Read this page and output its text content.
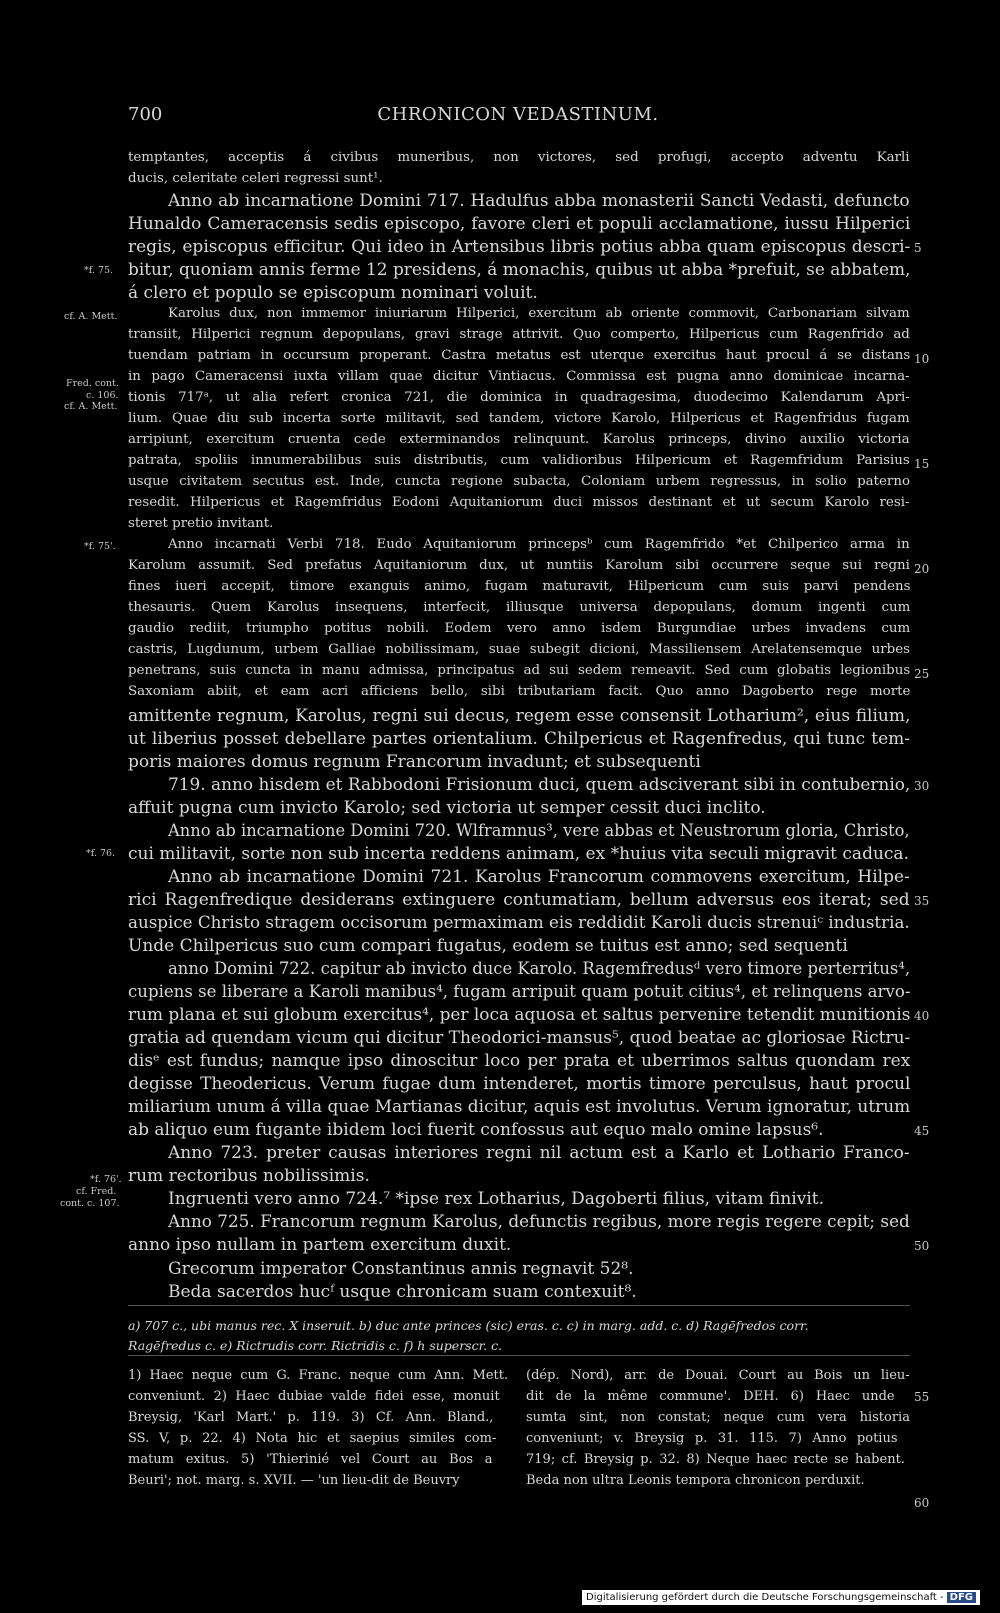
700	CHRONICON VEDASTINUM.
temptantes, acceptis á civibus muneribus, non victores, sed profugi, accepto adventu Karli
ducis, celeritate celeri regressi sunt¹.
Anno ab incarnatione Domini 717. Hadulfus abba monasterii Sancti Vedasti, defuncto
Hunaldo Cameracensis sedis episcopo, favore cleri et populi acclamatione, iussu Hilperici
regis, episcopus efficitur. Qui ideo in Artensibus libris potius abba quam episcopus descri-
bitur, quoniam annis ferme 12 presidens, á monachis, quibus ut abba *prefuit, se abbatem,
á clero et populo se episcopum nominari voluit.
Karolus dux, non immemor iniuriarum Hilperici, exercitum ab oriente commovit, Carbonariam silvam
transiit, Hilperici regnum depopulans, gravi strage attrivit. Quo comperto, Hilpericus cum Ragenfrido ad
tuendam patriam in occursum properant. Castra metatus est uterque exercitus haut procul á se distans
in pago Cameracensi iuxta villam quae dicitur Vintiacus. Commissa est pugna anno dominicae incarna-
tionis 717ᵃ, ut alia refert cronica 721, die dominica in quadragesima, duodecimo Kalendarum Apri-
lium. Quae diu sub incerta sorte militavit, sed tandem, victore Karolo, Hilpericus et Ragenfridus fugam
arripiunt, exercitum cruenta cede exterminandos relinquunt. Karolus princeps, divino auxilio victoria
patrata, spoliis innumerabilibus suis distributis, cum validioribus Hilpericum et Ragemfridum Parisius
usque civitatem secutus est. Inde, cuncta regione subacta, Coloniam urbem regressus, in solio paterno
resedit. Hilpericus et Ragemfridus Eodoni Aquitaniorum duci missos destinant et ut secum Karolo resi-
steret pretio invitant.
Anno incarnati Verbi 718. Eudo Aquitaniorum princepsᵇ cum Ragemfrido *et Chilperico arma in
Karolum assumit. Sed prefatus Aquitaniorum dux, ut nuntiis Karolum sibi occurrere seque sui regni
fines iueri accepit, timore exanguis animo, fugam maturavit, Hilpericum cum suis parvi pendens
thesauris. Quem Karolus insequens, interfecit, illiusque universa depopulans, domum ingenti cum
gaudio rediit, triumpho potitus nobili. Eodem vero anno isdem Burgundiae urbes invadens cum
castris, Lugdunum, urbem Galliae nobilissimam, suae subegit dicioni, Massiliensem Arelatensemque urbes
penetrans, suis cuncta in manu admissa, principatus ad sui sedem remeavit. Sed cum globatis legionibus
Saxoniam abiit, et eam acri afficiens bello, sibi tributariam facit. Quo anno Dagoberto rege morte
amittente regnum, Karolus, regni sui decus, regem esse consensit Lotharium², eius filium,
ut liberius posset debellare partes orientalium. Chilpericus et Ragenfredus, qui tunc tem-
poris maiores domus regnum Francorum invadunt; et subsequenti
719. anno hisdem et Rabbodoni Frisionum duci, quem adsciverant sibi in contubernio,
affuit pugna cum invicto Karolo; sed victoria ut semper cessit duci inclito.
Anno ab incarnatione Domini 720. Wlframnus³, vere abbas et Neustrorum gloria, Christo,
cui militavit, sorte non sub incerta reddens animam, ex *huius vita seculi migravit caduca.
Anno ab incarnatione Domini 721. Karolus Francorum commovens exercitum, Hilpe-
rici Ragenfredique desiderans extinguere contumatiam, bellum adversus eos iterat; sed
auspice Christo stragem occisorum permaximam eis reddidit Karoli ducis strenuiᶜ industria.
Unde Chilpericus suo cum compari fugatus, eodem se tuitus est anno; sed sequenti
anno Domini 722. capitur ab invicto duce Karolo. Ragemfredusᵈ vero timore perterritus⁴,
cupiens se liberare a Karoli manibus⁴, fugam arripuit quam potuit citius⁴, et relinquens arvo-
rum plana et sui globum exercitus⁴, per loca aquosa et saltus pervenire tetendit munitionis
gratia ad quendam vicum qui dicitur Theodorici-mansus⁵, quod beatae ac gloriosae Rictru-
disᵉ est fundus; namque ipso dinoscitur loco per prata et uberrimos saltus quondam rex
degisse Theodericus. Verum fugae dum intenderet, mortis timore perculsus, haut procul
miliarium unum á villa quae Martianas dicitur, aquis est involutus. Verum ignoratur, utrum
ab aliquo eum fugante ibidem loci fuerit confossus aut equo malo omine lapsus⁶.
Anno 723. preter causas interiores regni nil actum est a Karlo et Lothario Franco-
rum rectoribus nobilissimis.
Ingruenti vero anno 724.⁷ *ipse rex Lotharius, Dagoberti filius, vitam finivit.
Anno 725. Francorum regnum Karolus, defunctis regibus, more regis regere cepit; sed
anno ipso nullam in partem exercitum duxit.
Grecorum imperator Constantinus annis regnavit 52⁸.
Beda sacerdos hucᶠ usque chronicam suam contexuit⁸.
*f. 75.
cf. A. Mett.
Fred. cont.
c. 106.
cf. A. Mett.
*f. 75'.
*f. 76.
*f. 76'.
cf. Fred.
cont. c. 107.
5
10
15
20
25
30
35
40
45
50
55
60
a) 707 c., ubi manus rec. X inseruit. b) duc ante princes (sic) eras. c. c) in marg. add. c. d) Ragēfredos corr.
Ragēfredus c. e) Rictrudis corr. Rictridis c. f) h superscr. c.
1) Haec neque cum G. Franc. neque cum Ann. Mett.
conveniunt. 2) Haec dubiae valde fidei esse, monuit
Breysig, 'Karl Mart.' p. 119. 3) Cf. Ann. Bland.,
SS. V, p. 22. 4) Nota hic et saepius similes com-
matum exitus. 5) 'Thierinié vel Court au Bos a
Beuri'; not. marg. s. XVII. — 'un lieu-dit de Beuvry
(dép. Nord), arr. de Douai. Court au Bois un lieu-
dit de la même commune'. DEH. 6) Haec unde
sumta sint, non constat; neque cum vera historia
conveniunt; v. Breysig p. 31. 115. 7) Anno potius
719; cf. Breysig p. 32. 8) Neque haec recte se habent.
Beda non ultra Leonis tempora chronicon perduxit.
Digitalisierung gefördert durch die Deutsche Forschungsgemeinschaft - DFG
